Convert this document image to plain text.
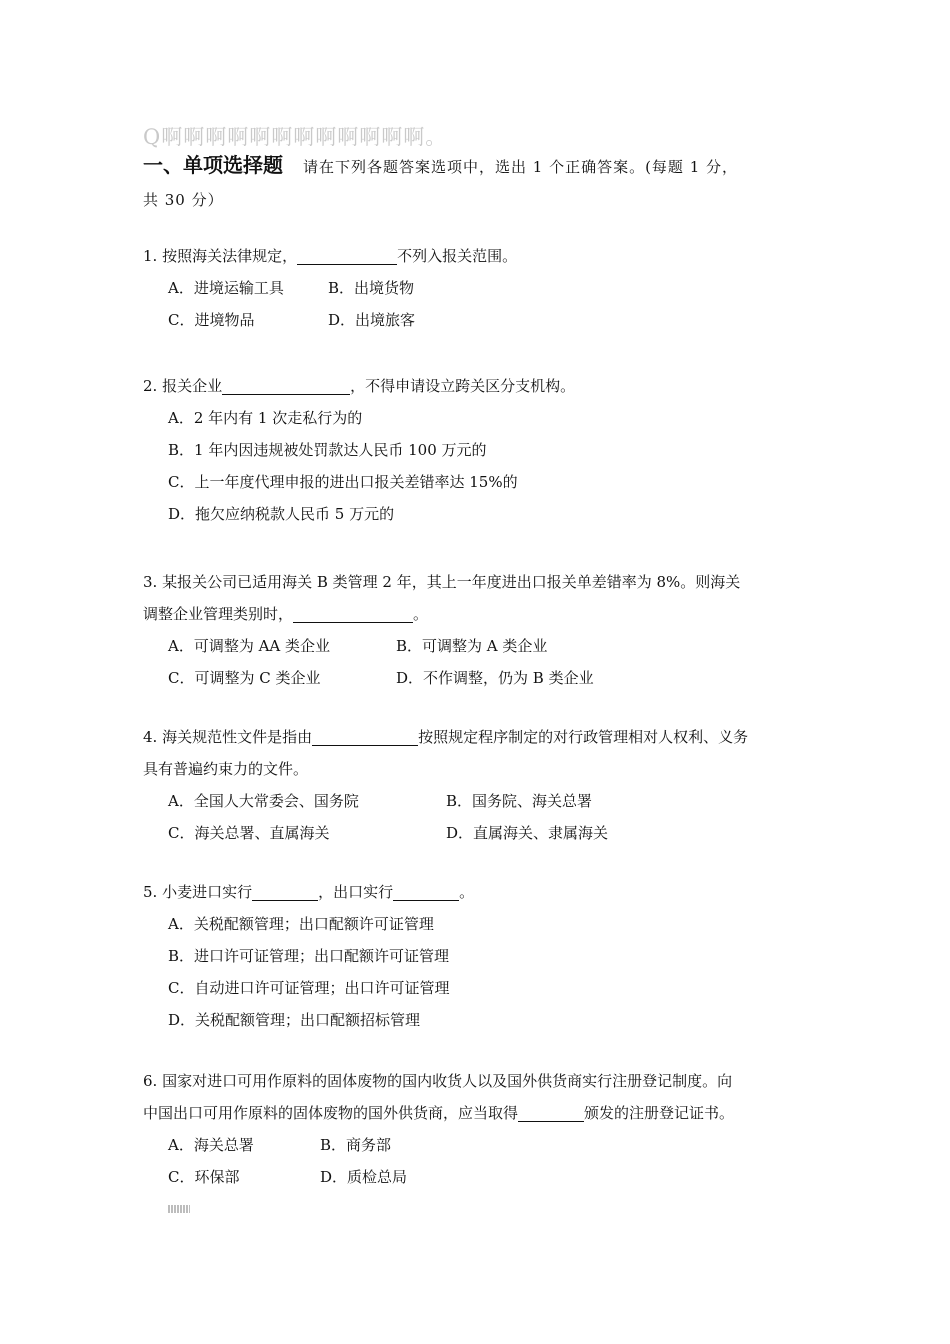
Q啊啊啊啊啊啊啊啊啊啊啊啊。
一、单项选择题 请在下列各题答案选项中，选出 1 个正确答案。(每题 1 分，
共 30 分）
1. 按照海关法律规定，	不列入报关范围。
A．进境运输工具	B．出境货物
C．进境物品	D．出境旅客
2. 报关企业	，不得申请设立跨关区分支机构。
A．2 年内有 1 次走私行为的
B．1 年内因违规被处罚款达人民币 100 万元的
C．上一年度代理申报的进出口报关差错率达 15%的
D．拖欠应纳税款人民币 5 万元的
3. 某报关公司已适用海关 B 类管理 2 年，其上一年度进出口报关单差错率为 8%。则海关
调整企业管理类别时，	。
A．可调整为 AA 类企业	B．可调整为 A 类企业
C．可调整为 C 类企业	D．不作调整，仍为 B 类企业
4. 海关规范性文件是指由	按照规定程序制定的对行政管理相对人权利、义务
具有普遍约束力的文件。
A．全国人大常委会、国务院	B．国务院、海关总署
C．海关总署、直属海关	D．直属海关、隶属海关
5. 小麦进口实行	，出口实行	。
A．关税配额管理；出口配额许可证管理
B．进口许可证管理；出口配额许可证管理
C．自动进口许可证管理；出口许可证管理
D．关税配额管理；出口配额招标管理
6. 国家对进口可用作原料的固体废物的国内收货人以及国外供货商实行注册登记制度。向
中国出口可用作原料的固体废物的国外供货商，应当取得	颁发的注册登记证书。
A．海关总署	B．商务部
C．环保部	D．质检总局
